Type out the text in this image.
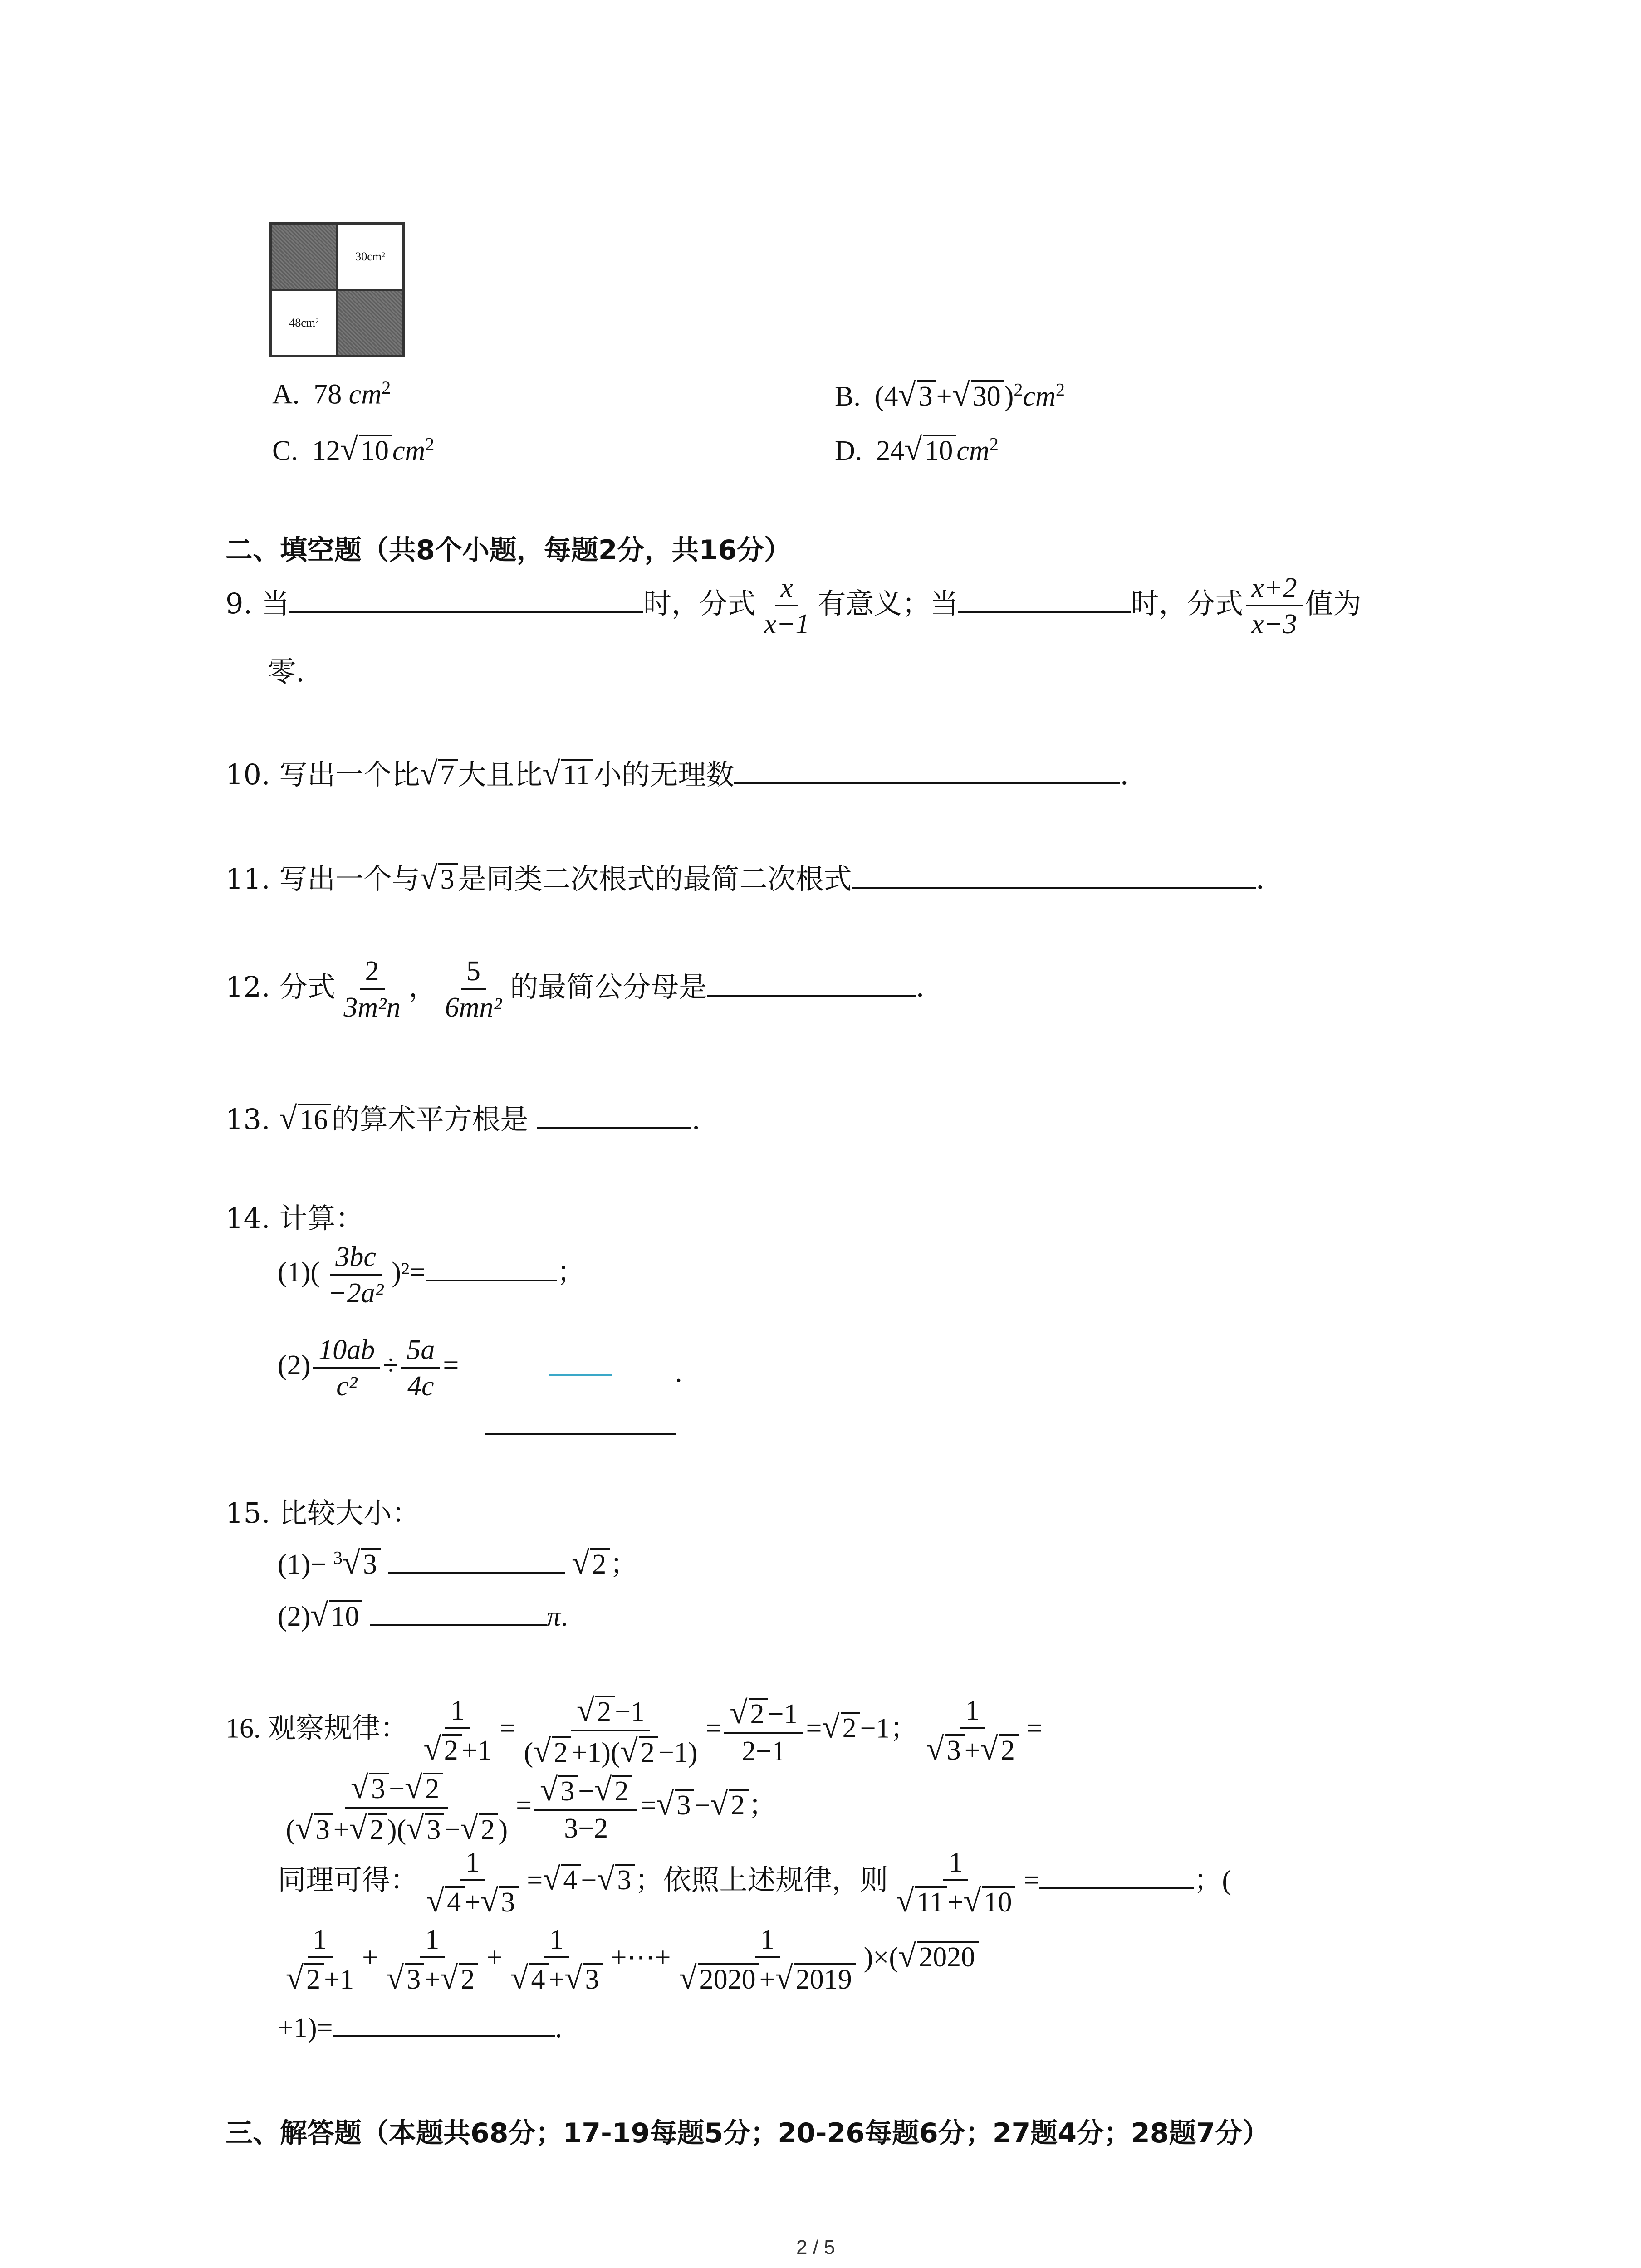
30cm²
48cm²
A. 78 $cm^2$	B.  (4√3 +√30 )$^2cm^2$
C. 12√10 $cm^2$	D. 24√10 $cm^2$
二、填空题（共8个小题，每题2分，共16分）
9. 当	时，分式 $\frac{x}{x-1}$ 有意义；当	时，分式 $\frac{x+2}{x-3}$ 值为
零.
10. 写出一个比√7 大且比√11 小的无理数	.
11. 写出一个与√3 是同类二次根式的最简二次根式	.
12. 分式 $\frac{2}{\text{3m²n}}$ ， $\frac{5}{\text{6mn²}}$ 的最简公分母是	.
13. √16 的算术平方根是	.
14. 计算：
$(1)( \frac{3bc}{\text{−2a²}} )^2=$	；
$(2) \frac{10ab}{\text{c²}} \div \frac{5a}{4c}$ =	.
15. 比较大小：
(1)− $^3$√3	√2 ；
(2)√10	π.
16. 观察规律： $\frac{1}{√2 +1} = \frac{√2 -1}{(√2 +1)(√2 -1)} = \frac{√2 -1}{2-1} =√2 -1$； $\frac{1}{√3 +√2}$ =
$\frac{√3 -√2}{(√3 +√2 )(√3 -√2 )} = \frac{√3 -√2}{3-2} =√3 -√2$ ；
同理可得： $\frac{1}{√4 +√3} =√4 -√3$ ；依照上述规律，则 $\frac{1}{√11 +√10}$ =	；(
$\frac{1}{√2 +1} + \frac{1}{√3 +√2} + \frac{1}{√4 +√3}$ +⋯+ $\frac{1}{√2020 +√2019} )\times(√2020$
+1)=	.
三、解答题（本题共68分；17-19每题5分；20-26每题6分；27题4分；28题7分）
2 / 5
